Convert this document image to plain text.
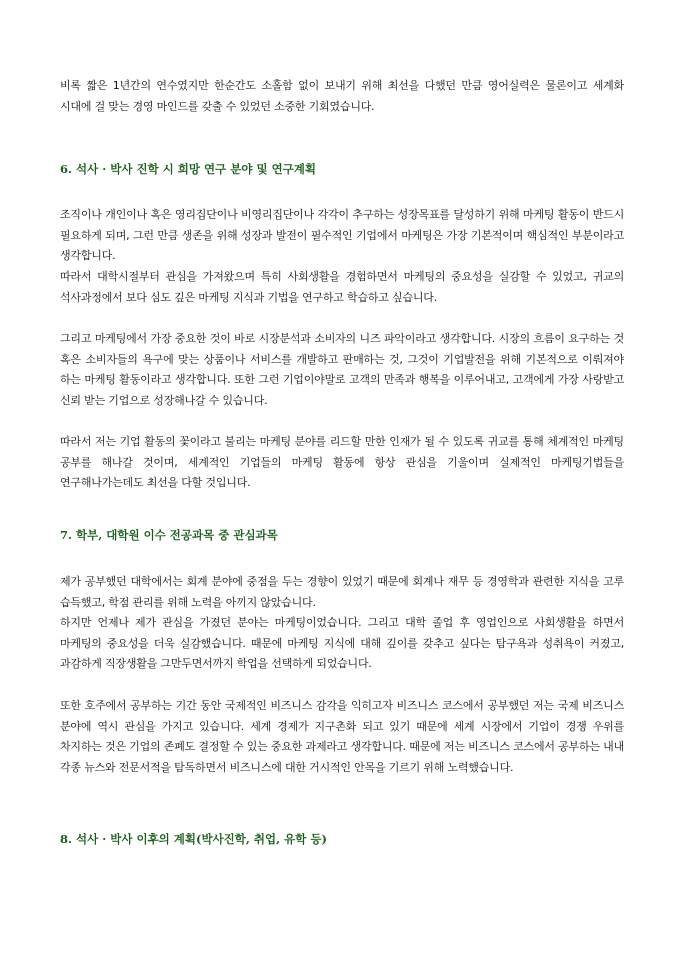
비록 짧은 1년간의 연수였지만 한순간도 소홀함 없이 보내기 위해 최선을 다했던 만큼 영어실력은 물론이고 세계화 시대에 걸 맞는 경영 마인드를 갖출 수 있었던 소중한 기회였습니다.

6. 석사 · 박사 진학 시 희망 연구 분야 및 연구계획

조직이나 개인이나 혹은 영리집단이나 비영리집단이나 각각이 추구하는 성장목표를 달성하기 위해 마케팅 활동이 반드시 필요하게 되며, 그런 만큼 생존을 위해 성장과 발전이 필수적인 기업에서 마케팅은 가장 기본적이며 핵심적인 부분이라고 생각합니다.

따라서 대학시절부터 관심을 가져왔으며 특히 사회생활을 경험하면서 마케팅의 중요성을 실감할 수 있었고, 귀교의 석사과정에서 보다 심도 깊은 마케팅 지식과 기법을 연구하고 학습하고 싶습니다.

그리고 마케팅에서 가장 중요한 것이 바로 시장분석과 소비자의 니즈 파악이라고 생각합니다. 시장의 흐름이 요구하는 것 혹은 소비자들의 욕구에 맞는 상품이나 서비스를 개발하고 판매하는 것, 그것이 기업발전을 위해 기본적으로 이뤄져야 하는 마케팅 활동이라고 생각합니다. 또한 그런 기업이야말로 고객의 만족과 행복을 이루어내고, 고객에게 가장 사랑받고 신뢰 받는 기업으로 성장해나갈 수 있습니다.

따라서 저는 기업 활동의 꽃이라고 불리는 마케팅 분야를 리드할 만한 인재가 될 수 있도록 귀교를 통해 체계적인 마케팅 공부를 해나갈 것이며, 세계적인 기업들의 마케팅 활동에 항상 관심을 기울이며 실제적인 마케팅기법들을 연구해나가는데도 최선을 다할 것입니다.

7. 학부, 대학원 이수 전공과목 중 관심과목

제가 공부했던 대학에서는 회계 분야에 중점을 두는 경향이 있었기 때문에 회계나 재무 등 경영학과 관련한 지식을 고루 습득했고, 학점 관리를 위해 노력을 아끼지 않았습니다.

하지만 언제나 제가 관심을 가졌던 분야는 마케팅이었습니다. 그리고 대학 졸업 후 영업인으로 사회생활을 하면서 마케팅의 중요성을 더욱 실감했습니다. 때문에 마케팅 지식에 대해 깊이를 갖추고 싶다는 탐구욕과 성취욕이 커졌고, 과감하게 직장생활을 그만두면서까지 학업을 선택하게 되었습니다.

또한 호주에서 공부하는 기간 동안 국제적인 비즈니스 감각을 익히고자 비즈니스 코스에서 공부했던 저는 국제 비즈니스 분야에 역시 관심을 가지고 있습니다. 세계 경제가 지구촌화 되고 있기 때문에 세계 시장에서 기업이 경쟁 우위를 차지하는 것은 기업의 존폐도 결정할 수 있는 중요한 과제라고 생각합니다. 때문에 저는 비즈니스 코스에서 공부하는 내내 각종 뉴스와 전문서적을 탐독하면서 비즈니스에 대한 거시적인 안목을 기르기 위해 노력했습니다.

8. 석사 · 박사 이후의 계획(박사진학, 취업, 유학 등)
